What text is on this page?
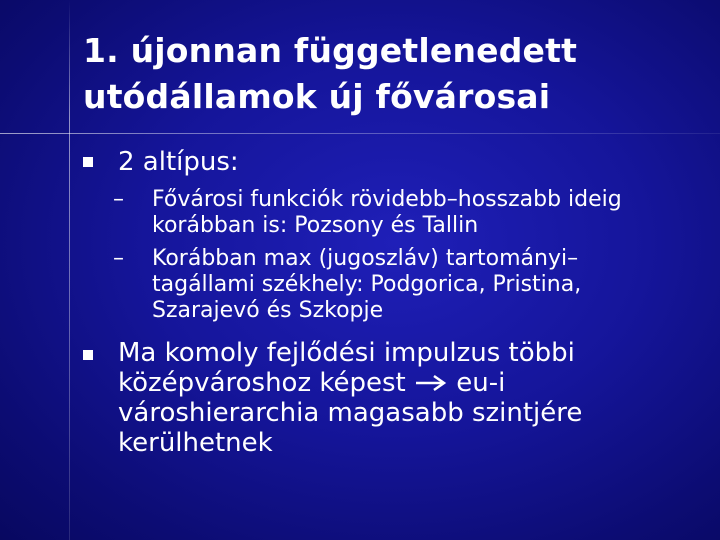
1. újonnan függetlenedett
utódállamok új fővárosai
2 altípus:
– Fővárosi funkciók rövidebb–hosszabb ideig
korábban is: Pozsony és Tallin
– Korábban max (jugoszláv) tartományi–
tagállami székhely: Podgorica, Pristina,
Szarajevó és Szkopje
Ma komoly fejlődési impulzus többi
középvároshoz képest  eu-i
városhierarchia magasabb szintjére
kerülhetnek
